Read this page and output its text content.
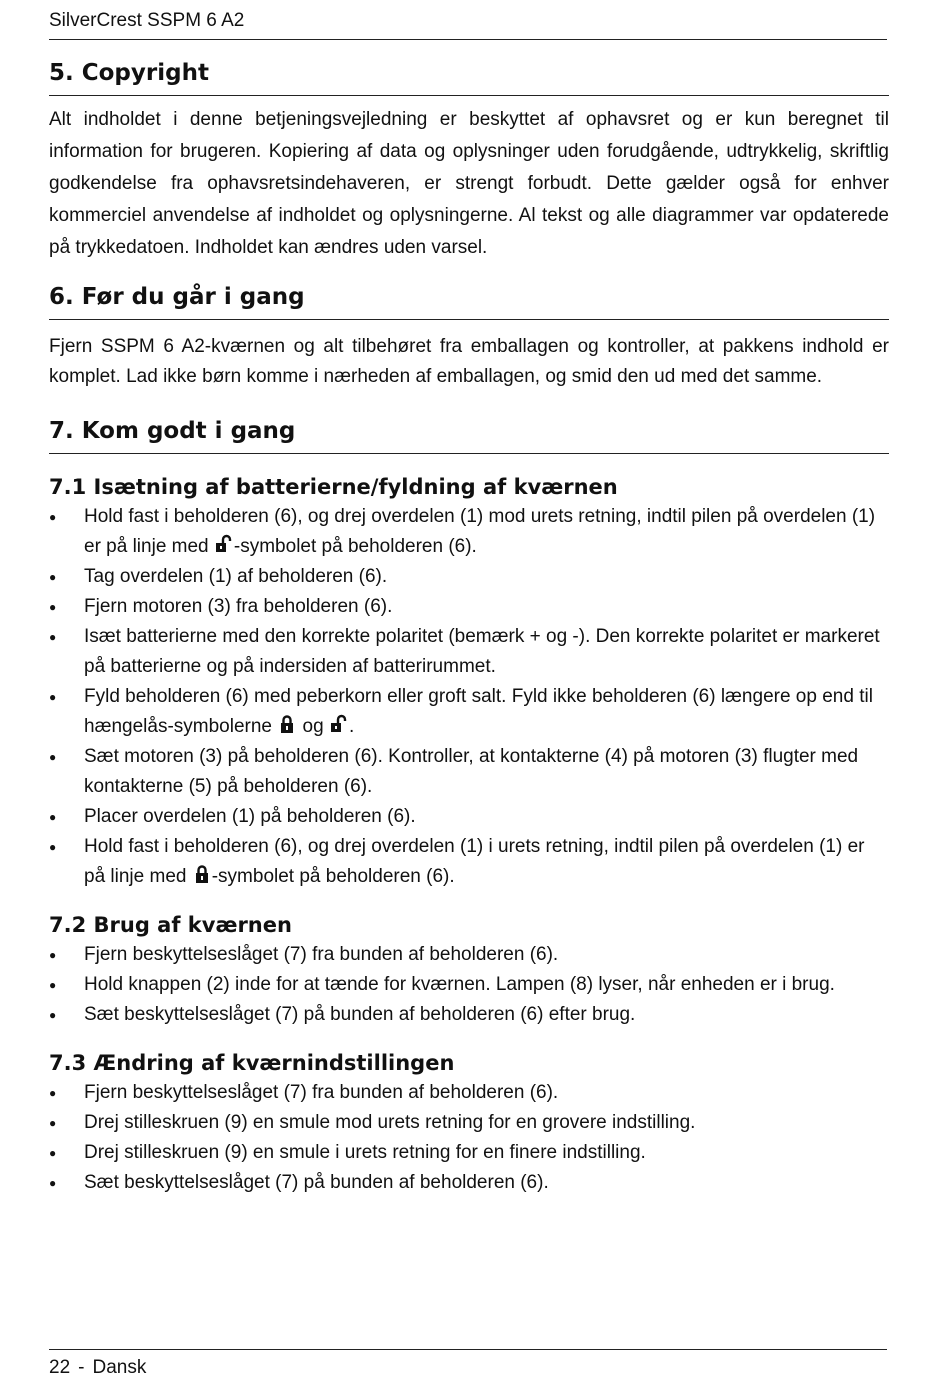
SilverCrest SSPM 6 A2
5. Copyright

Alt indholdet i denne betjeningsvejledning er beskyttet af ophavsret og er kun beregnet til information for brugeren. Kopiering af data og oplysninger uden forudgående, udtrykkelig, skriftlig godkendelse fra ophavsretsindehaveren, er strengt forbudt. Dette gælder også for enhver kommerciel anvendelse af indholdet og oplysningerne. Al tekst og alle diagrammer var opdaterede på trykkedatoen. Indholdet kan ændres uden varsel.

6. Før du går i gang

Fjern SSPM 6 A2-kværnen og alt tilbehøret fra emballagen og kontroller, at pakkens indhold er komplet. Lad ikke børn komme i nærheden af emballagen, og smid den ud med det samme.

7. Kom godt i gang
7.1 Isætning af batterierne/fyldning af kværnen
● Hold fast i beholderen (6), og drej overdelen (1) mod urets retning, indtil pilen på overdelen (1) er på linje med -symbolet på beholderen (6).
● Tag overdelen (1) af beholderen (6).
● Fjern motoren (3) fra beholderen (6).
● Isæt batterierne med den korrekte polaritet (bemærk + og -). Den korrekte polaritet er markeret på batterierne og på indersiden af batterirummet.
● Fyld beholderen (6) med peberkorn eller groft salt. Fyld ikke beholderen (6) længere op end til hængelås-symbolerne  og .
● Sæt motoren (3) på beholderen (6). Kontroller, at kontakterne (4) på motoren (3) flugter med kontakterne (5) på beholderen (6).
● Placer overdelen (1) på beholderen (6).
● Hold fast i beholderen (6), og drej overdelen (1) i urets retning, indtil pilen på overdelen (1) er på linje med -symbolet på beholderen (6).
7.2 Brug af kværnen
● Fjern beskyttelseslåget (7) fra bunden af beholderen (6).
● Hold knappen (2) inde for at tænde for kværnen. Lampen (8) lyser, når enheden er i brug.
● Sæt beskyttelseslåget (7) på bunden af beholderen (6) efter brug.
7.3 Ændring af kværnindstillingen
● Fjern beskyttelseslåget (7) fra bunden af beholderen (6).
● Drej stilleskruen (9) en smule mod urets retning for en grovere indstilling.
● Drej stilleskruen (9) en smule i urets retning for en finere indstilling.
● Sæt beskyttelseslåget (7) på bunden af beholderen (6).
22 - Dansk
